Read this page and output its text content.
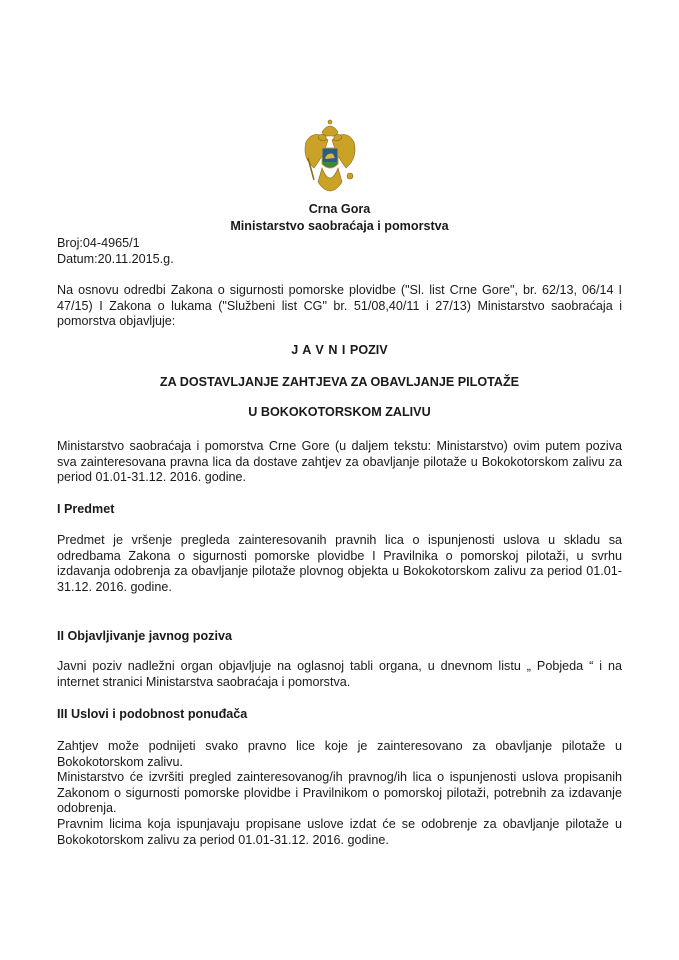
Crna Gora
Ministarstvo saobraćaja i pomorstva
Broj:04-4965/1
Datum:20.11.2015.g.
Na osnovu odredbi Zakona o sigurnosti pomorske plovidbe ("Sl. list Crne Gore", br. 62/13, 06/14 I 47/15) I Zakona o lukama ("Službeni list CG" br. 51/08,40/11 i 27/13) Ministarstvo saobraćaja i pomorstva objavljuje:
J A V N I POZIV
ZA DOSTAVLJANJE ZAHTJEVA ZA OBAVLJANJE PILOTAŽE
U BOKOKOTORSKOM ZALIVU
Ministarstvo saobraćaja i pomorstva Crne Gore (u daljem tekstu: Ministarstvo) ovim putem poziva sva zainteresovana pravna lica da dostave zahtjev za obavljanje pilotaže u Bokokotorskom zalivu za period 01.01-31.12. 2016. godine.
I Predmet
Predmet je vršenje pregleda zainteresovanih pravnih lica o ispunjenosti uslova u skladu sa odredbama Zakona o sigurnosti pomorske plovidbe I Pravilnika o pomorskoj pilotaži, u svrhu izdavanja odobrenja za obavljanje pilotaže plovnog objekta u Bokokotorskom zalivu za period 01.01-31.12. 2016. godine.
II Objavljivanje javnog poziva
Javni poziv nadležni organ objavljuje na oglasnoj tabli organa, u dnevnom listu „ Pobjeda “ i na internet stranici Ministarstva saobraćaja i pomorstva.
III Uslovi i podobnost ponuđača

Zahtjev može podnijeti svako pravno lice koje je zainteresovano za obavljanje pilotaže u Bokokotorskom zalivu.

Ministarstvo će izvršiti pregled zainteresovanog/ih pravnog/ih lica o ispunjenosti uslova propisanih Zakonom o sigurnosti pomorske plovidbe i Pravilnikom o pomorskoj pilotaži, potrebnih za izdavanje odobrenja.

Pravnim licima koja ispunjavaju propisane uslove izdat će se odobrenje za obavljanje pilotaže u Bokokotorskom zalivu za period 01.01-31.12. 2016. godine.
